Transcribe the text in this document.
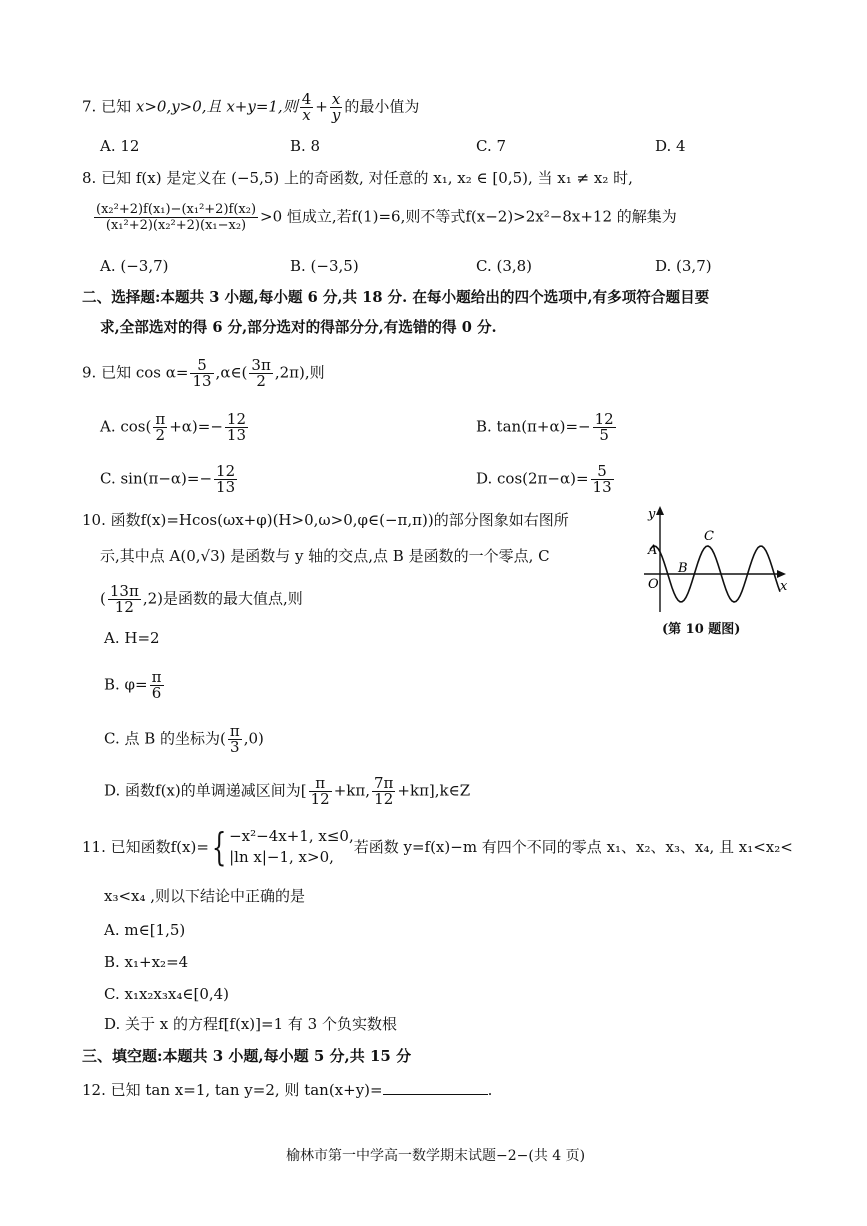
7. 已知 x>0,y>0,且 x+y=1,则 $\frac{4}{x} + \frac{x}{y}$ 的最小值为
A. 12	B. 8	C. 7	D. 4
8. 已知 f(x) 是定义在 (−5,5) 上的奇函数, 对任意的 x₁, x₂ ∈ [0,5), 当 x₁ ≠ x₂ 时,
$\frac{\text{(x₂²+2)f(x₁)−(x₁²+2)f(x₂)}}{\text{(x₁²+2)(x₂²+2)(x₁−x₂)}} >0$ 恒成立,若f(1)=6,则不等式f(x−2)>2x²−8x+12 的解集为
A. (−3,7)	B. (−3,5)	C. (3,8)	D. (3,7)
二、选择题:本题共 3 小题,每小题 6 分,共 18 分. 在每小题给出的四个选项中,有多项符合题目要
求,全部选对的得 6 分,部分选对的得部分分,有选错的得 0 分.
9. 已知 $\cos \alpha= \frac{5}{13}$ ,α∈( $\frac{3\pi}{2} ,2\pi$),则
A. $\cos( \frac{\pi}{2} +\alpha)=- \frac{12}{13}$	B. $\tan(\pi+\alpha)=- \frac{12}{5}$
C. $\sin(\pi-\alpha)=- \frac{12}{13}$	D. $\cos(2\pi-\alpha)= \frac{5}{13}$
10. 函数f(x)=Hcos(ωx+φ)(H>0,ω>0,φ∈(−π,π))的部分图象如右图所
示,其中点 A(0,√3) 是函数与 y 轴的交点,点 B 是函数的一个零点, C
( $\frac{13\pi}{12} ,2$)是函数的最大值点,则
A. H=2
B. $\varphi= \frac{\pi}{6}$
C. 点 B 的坐标为( $\frac{\pi}{3} ,0$)
D. 函数f(x)的单调递减区间为[ $\frac{\pi}{12} +k\pi$, $\frac{7\pi}{12}$ +kπ],k∈Z
y
x
O
A
B
C
(第 10 题图)
11. 已知函数f(x)={ −x²−4x+1, x≤0,
|ln x|−1, x>0,
若函数 y=f(x)−m 有四个不同的零点 x₁、x₂、x₃、x₄, 且 x₁<x₂<
x₃<x₄ ,则以下结论中正确的是
A. m∈[1,5)
B. x₁+x₂=4
C. x₁x₂x₃x₄∈[0,4)
D. 关于 x 的方程f[f(x)]=1 有 3 个负实数根
三、填空题:本题共 3 小题,每小题 5 分,共 15 分
12. 已知 tan x=1, tan y=2, 则 tan(x+y)=	.
榆林市第一中学高一数学期末试题−2−(共 4 页)
